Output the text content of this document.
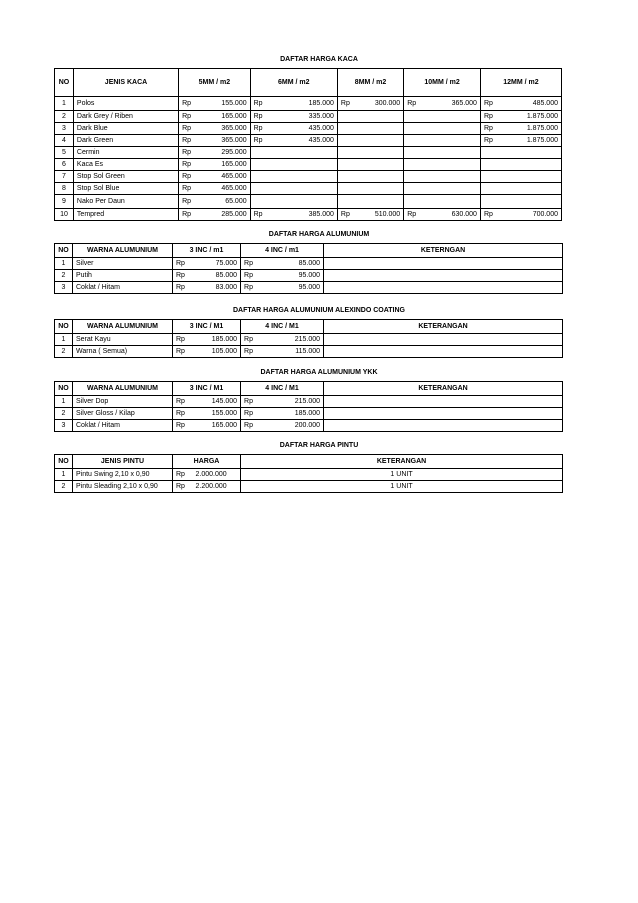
DAFTAR HARGA KACA
NO	JENIS KACA	5MM / m2		6MM / m2		8MM / m2		10MM / m2		12MM / m2	
1	Polos	Rp	155.000	Rp	185.000	Rp	300.000	Rp	365.000	Rp	485.000
2	Dark Grey / Riben	Rp	165.000	Rp	335.000					Rp	1.875.000
3	Dark Blue	Rp	365.000	Rp	435.000					Rp	1.875.000
4	Dark Green	Rp	365.000	Rp	435.000					Rp	1.875.000
5	Cermin	Rp	295.000								
6	Kaca Es	Rp	165.000								
7	Stop Sol Green	Rp	465.000								
8	Stop Sol Blue	Rp	465.000								
9	Nako Per Daun	Rp	65.000								
10	Tempred	Rp	285.000	Rp	385.000	Rp	510.000	Rp	630.000	Rp	700.000
DAFTAR HARGA ALUMUNIUM
NO	WARNA ALUMUNIUM	3 INC / m1		4 INC / m1		KETERNGAN
1	Silver	Rp	75.000	Rp	85.000	
2	Putih	Rp	85.000	Rp	95.000	
3	Coklat / Hitam	Rp	83.000	Rp	95.000	
DAFTAR HARGA ALUMUNIUM ALEXINDO COATING
NO	WARNA ALUMUNIUM	3 INC / M1		4 INC / M1		KETERANGAN
1	Serat Kayu	Rp	185.000	Rp	215.000	
2	Warna ( Semua)	Rp	105.000	Rp	115.000	
DAFTAR HARGA ALUMUNIUM YKK
NO	WARNA ALUMUNIUM	3 INC / M1		4 INC / M1		KETERANGAN
1	Silver Dop	Rp	145.000	Rp	215.000	
2	Silver Gloss / Kilap	Rp	155.000	Rp	185.000	
3	Coklat / Hitam	Rp	165.000	Rp	200.000	
DAFTAR HARGA PINTU
NO	JENIS PINTU	HARGA		KETERANGAN
1	Pintu Swing 2,10 x 0,90	Rp	2.000.000	1 UNIT
2	Pintu Sleading 2,10 x 0,90	Rp	2.200.000	1 UNIT
